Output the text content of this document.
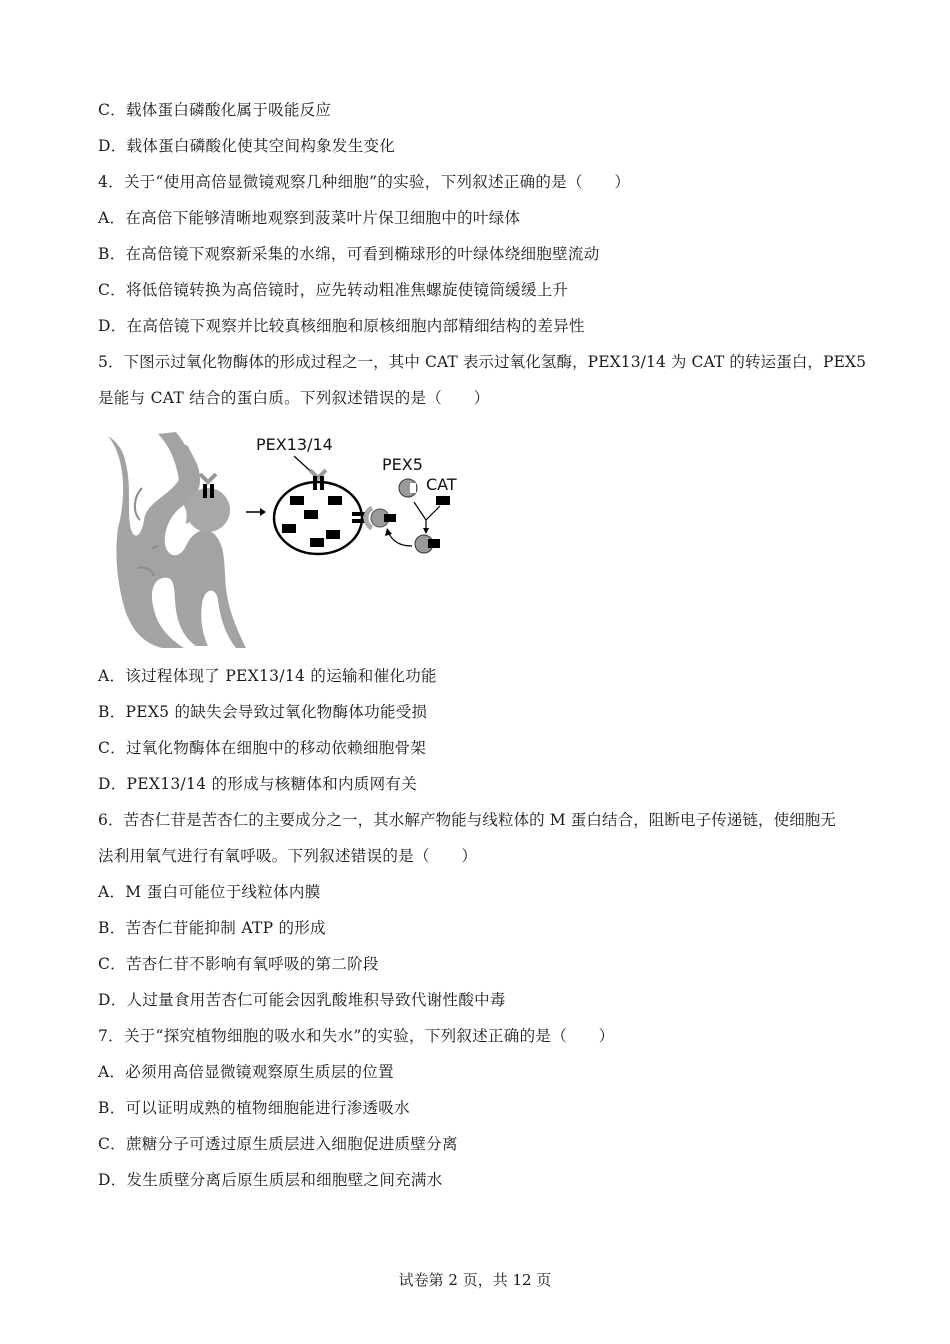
C．载体蛋白磷酸化属于吸能反应
D．载体蛋白磷酸化使其空间构象发生变化
4．关于“使用高倍显微镜观察几种细胞”的实验，下列叙述正确的是（　　）
A．在高倍下能够清晰地观察到菠菜叶片保卫细胞中的叶绿体
B．在高倍镜下观察新采集的水绵，可看到椭球形的叶绿体绕细胞壁流动
C．将低倍镜转换为高倍镜时，应先转动粗准焦螺旋使镜筒缓缓上升
D．在高倍镜下观察并比较真核细胞和原核细胞内部精细结构的差异性
5．下图示过氧化物酶体的形成过程之一，其中 CAT 表示过氧化氢酶，PEX13/14 为 CAT 的转运蛋白，PEX5
是能与 CAT 结合的蛋白质。下列叙述错误的是（　　）
PEX13/14
PEX5
CAT
A．该过程体现了 PEX13/14 的运输和催化功能
B．PEX5 的缺失会导致过氧化物酶体功能受损
C．过氧化物酶体在细胞中的移动依赖细胞骨架
D．PEX13/14 的形成与核糖体和内质网有关
6．苦杏仁苷是苦杏仁的主要成分之一，其水解产物能与线粒体的 M 蛋白结合，阻断电子传递链，使细胞无
法利用氧气进行有氧呼吸。下列叙述错误的是（　　）
A．M 蛋白可能位于线粒体内膜
B．苦杏仁苷能抑制 ATP 的形成
C．苦杏仁苷不影响有氧呼吸的第二阶段
D．人过量食用苦杏仁可能会因乳酸堆积导致代谢性酸中毒
7．关于“探究植物细胞的吸水和失水”的实验，下列叙述正确的是（　　）
A．必须用高倍显微镜观察原生质层的位置
B．可以证明成熟的植物细胞能进行渗透吸水
C．蔗糖分子可透过原生质层进入细胞促进质壁分离
D．发生质壁分离后原生质层和细胞壁之间充满水
试卷第 2 页，共 12 页
